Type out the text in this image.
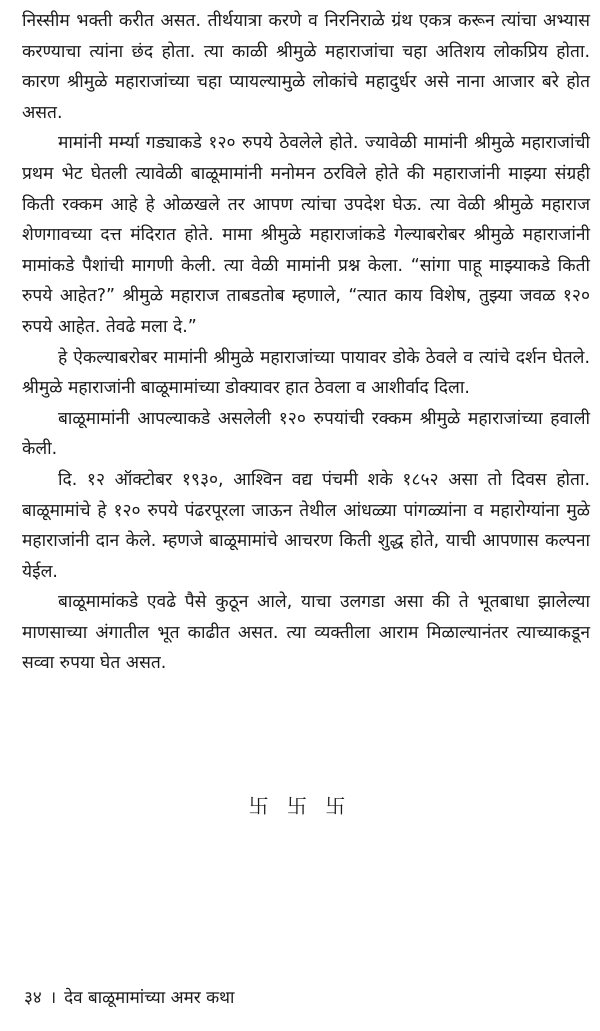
निस्सीम भक्ती करीत असत. तीर्थयात्रा करणे व निरनिराळे ग्रंथ एकत्र करून त्यांचा अभ्यास करण्याचा त्यांना छंद होता. त्या काळी श्रीमुळे महाराजांचा चहा अतिशय लोकप्रिय होता. कारण श्रीमुळे महाराजांच्या चहा प्यायल्यामुळे लोकांचे महादुर्धर असे नाना आजार बरे होत असत.

मामांनी मर्म्या गड्याकडे १२० रुपये ठेवलेले होते. ज्यावेळी मामांनी श्रीमुळे महाराजांची प्रथम भेट घेतली त्यावेळी बाळूमामांनी मनोमन ठरविले होते की महाराजांनी माझ्या संग्रही किती रक्कम आहे हे ओळखले तर आपण त्यांचा उपदेश घेऊ. त्या वेळी श्रीमुळे महाराज शेणगावच्या दत्त मंदिरात होते. मामा श्रीमुळे महाराजांकडे गेल्याबरोबर श्रीमुळे महाराजांनी मामांकडे पैशांची मागणी केली. त्या वेळी मामांनी प्रश्न केला. “सांगा पाहू माझ्याकडे किती रुपये आहेत?” श्रीमुळे महाराज ताबडतोब म्हणाले, “त्यात काय विशेष, तुझ्या जवळ १२० रुपये आहेत. तेवढे मला दे.”

हे ऐकल्याबरोबर मामांनी श्रीमुळे महाराजांच्या पायावर डोके ठेवले व त्यांचे दर्शन घेतले. श्रीमुळे महाराजांनी बाळूमामांच्या डोक्यावर हात ठेवला व आशीर्वाद दिला.

बाळूमामांनी आपल्याकडे असलेली १२० रुपयांची रक्कम श्रीमुळे महाराजांच्या हवाली केली.

दि. १२ ऑक्टोबर १९३०, आश्विन वद्य पंचमी शके १८५२ असा तो दिवस होता. बाळूमामांचे हे १२० रुपये पंढरपूरला जाऊन तेथील आंधळ्या पांगळ्यांना व महारोग्यांना मुळे महाराजांनी दान केले. म्हणजे बाळूमामांचे आचरण किती शुद्ध होते, याची आपणास कल्पना येईल.

बाळूमामांकडे एवढे पैसे कुठून आले, याचा उलगडा असा की ते भूतबाधा झालेल्या माणसाच्या अंगातील भूत काढीत असत. त्या व्यक्तीला आराम मिळाल्यानंतर त्याच्याकडून सव्वा रुपया घेत असत.

卐 卐 卐
३४ । देव बाळूमामांच्या अमर कथा
